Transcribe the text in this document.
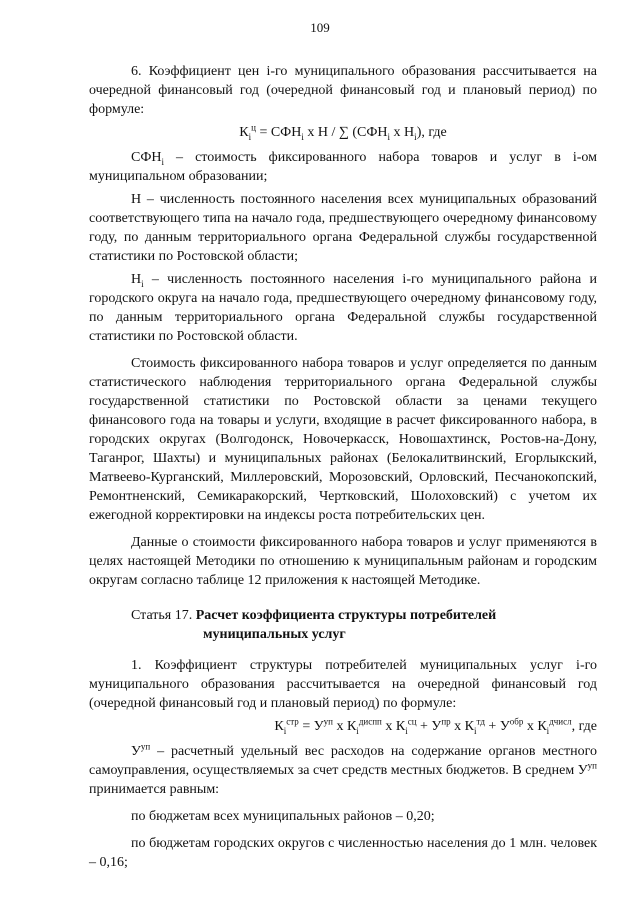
109

6. Коэффициент цен i-го муниципального образования рассчитывается на очередной финансовый год (очередной финансовый год и плановый период) по формуле:

$К_i^ц = СФН_i$ х Н / ∑ ($СФН_i$ х $Н_i$), где

$СФН_i$ – стоимость фиксированного набора товаров и услуг в i-ом муниципальном образовании;

Н – численность постоянного населения всех муниципальных образований соответствующего типа на начало года, предшествующего очередному финансовому году, по данным территориального органа Федеральной службы государственной статистики по Ростовской области;

$Н_i$ – численность постоянного населения i-го муниципального района и городского округа на начало года, предшествующего очередному финансовому году, по данным территориального органа Федеральной службы государственной статистики по Ростовской области.

Стоимость фиксированного набора товаров и услуг определяется по данным статистического наблюдения территориального органа Федеральной службы государственной статистики по Ростовской области за ценами текущего финансового года на товары и услуги, входящие в расчет фиксированного набора, в городских округах (Волгодонск, Новочеркасск, Новошахтинск, Ростов-на-Дону, Таганрог, Шахты) и муниципальных районах (Белокалитвинский, Егорлыкский, Матвеево-Курганский, Миллеровский, Морозовский, Орловский, Песчанокопский, Ремонтненский, Семикаракорский, Чертковский, Шолоховский) с учетом их ежегодной корректировки на индексы роста потребительских цен.

Данные о стоимости фиксированного набора товаров и услуг применяются в целях настоящей Методики по отношению к муниципальным районам и городским округам согласно таблице 12 приложения к настоящей Методике.

Статья 17. Расчет коэффициента структуры потребителей
муниципальных услуг

1. Коэффициент структуры потребителей муниципальных услуг i-го муниципального образования рассчитывается на очередной финансовый год (очередной финансовый год и плановый период) по формуле:

$К_i^{стр} = У^{уп}$ х $К_i^{диспп}$ х $К_i^{сц} + У^{пр}$ х $К_i^{тд} + У^{обр}$ х $К_i^{дчисл}$, где

$У^{уп}$ – расчетный удельный вес расходов на содержание органов местного самоуправления, осуществляемых за счет средств местных бюджетов. В среднем $У^{уп}$ принимается равным:

по бюджетам всех муниципальных районов – 0,20;

по бюджетам городских округов с численностью населения до 1 млн. человек – 0,16;
